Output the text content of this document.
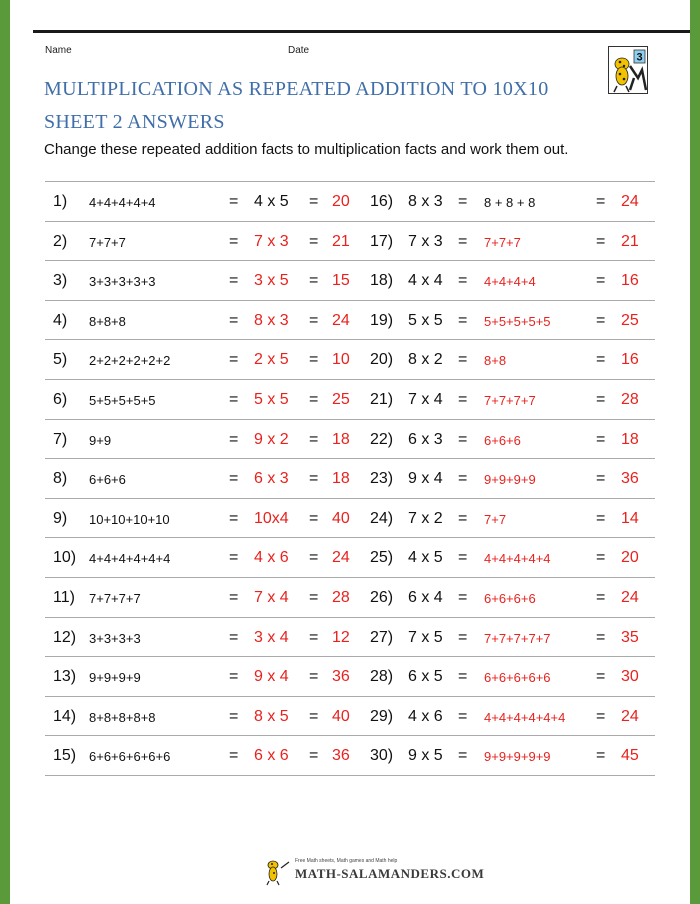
Name	Date
3
MULTIPLICATION AS REPEATED ADDITION TO 10X10
SHEET 2 ANSWERS
Change these repeated addition facts to multiplication facts and work them out.
1) 4+4+4+4+4	= 4 x 5 = 20 16) 8 x 3 = 8 + 8 + 8	= 24
2) 7+7+7	= 7 x 3 = 21 17) 7 x 3 = 7+7+7	= 21
3) 3+3+3+3+3	= 3 x 5 = 15 18) 4 x 4 = 4+4+4+4	= 16
4) 8+8+8	= 8 x 3 = 24 19) 5 x 5 = 5+5+5+5+5	= 25
5) 2+2+2+2+2+2	= 2 x 5 = 10 20) 8 x 2 = 8+8	= 16
6) 5+5+5+5+5	= 5 x 5 = 25 21) 7 x 4 = 7+7+7+7	= 28
7) 9+9	= 9 x 2 = 18 22) 6 x 3 = 6+6+6	= 18
8) 6+6+6	= 6 x 3 = 18 23) 9 x 4 = 9+9+9+9	= 36
9) 10+10+10+10	= 10x4 = 40 24) 7 x 2 = 7+7	= 14
10) 4+4+4+4+4+4	= 4 x 6 = 24 25) 4 x 5 = 4+4+4+4+4	= 20
11) 7+7+7+7	= 7 x 4 = 28 26) 6 x 4 = 6+6+6+6	= 24
12) 3+3+3+3	= 3 x 4 = 12 27) 7 x 5 = 7+7+7+7+7	= 35
13) 9+9+9+9	= 9 x 4 = 36 28) 6 x 5 = 6+6+6+6+6	= 30
14) 8+8+8+8+8	= 8 x 5 = 40 29) 4 x 6 = 4+4+4+4+4+4 = 24
15) 6+6+6+6+6+6	= 6 x 6 = 36 30) 9 x 5 = 9+9+9+9+9	= 45
Free Math sheets, Math games and Math help
MATH-SALAMANDERS.COM
